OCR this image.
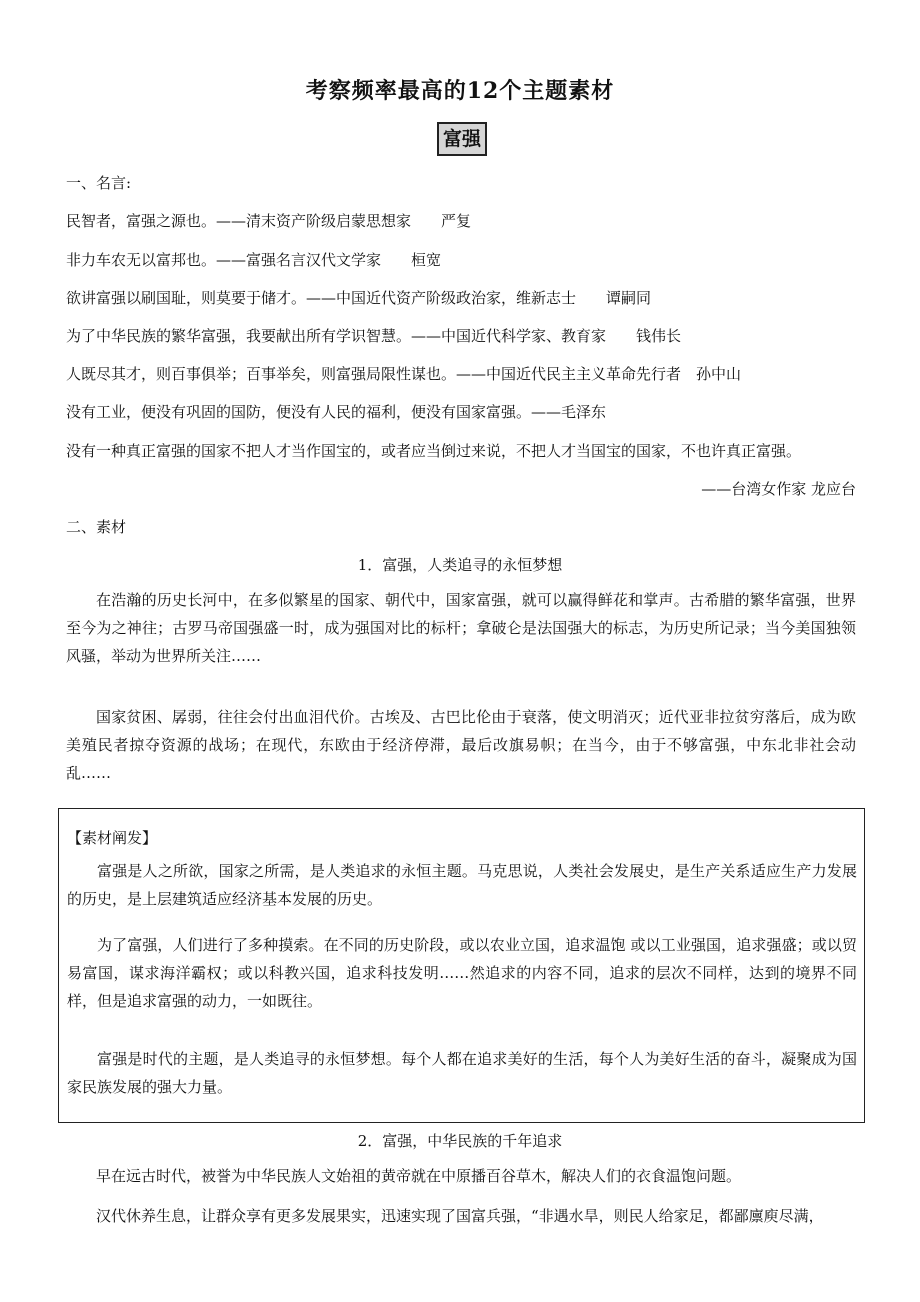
考察频率最高的12个主题素材
富强
一、名言:
民智者，富强之源也。——清末资产阶级启蒙思想家　　严复
非力车农无以富邦也。——富强名言汉代文学家　　桓宽
欲讲富强以刷国耻，则莫要于储才。——中国近代资产阶级政治家，维新志士　　谭嗣同
为了中华民族的繁华富强，我要献出所有学识智慧。——中国近代科学家、教育家　　钱伟长
人既尽其才，则百事俱举；百事举矣，则富强局限性谋也。——中国近代民主主义革命先行者　孙中山
没有工业，便没有巩固的国防，便没有人民的福利，便没有国家富强。——毛泽东
没有一种真正富强的国家不把人才当作国宝的，或者应当倒过来说，不把人才当国宝的国家，不也许真正富强。
——台湾女作家 龙应台
二、素材
1．富强，人类追寻的永恒梦想
在浩瀚的历史长河中，在多似繁星的国家、朝代中，国家富强，就可以赢得鲜花和掌声。古希腊的繁华富强，世界至今为之神往；古罗马帝国强盛一时，成为强国对比的标杆；拿破仑是法国强大的标志，为历史所记录；当今美国独领风骚，举动为世界所关注……
国家贫困、孱弱，往往会付出血泪代价。古埃及、古巴比伦由于衰落，使文明消灭；近代亚非拉贫穷落后，成为欧美殖民者掠夺资源的战场；在现代，东欧由于经济停滞，最后改旗易帜；在当今，由于不够富强，中东北非社会动乱……
【素材阐发】
富强是人之所欲，国家之所需，是人类追求的永恒主题。马克思说，人类社会发展史，是生产关系适应生产力发展的历史，是上层建筑适应经济基本发展的历史。
为了富强，人们进行了多种摸索。在不同的历史阶段，或以农业立国，追求温饱 或以工业强国，追求强盛；或以贸易富国，谋求海洋霸权；或以科教兴国，追求科技发明……然追求的内容不同，追求的层次不同样，达到的境界不同样，但是追求富强的动力，一如既往。
富强是时代的主题，是人类追寻的永恒梦想。每个人都在追求美好的生活，每个人为美好生活的奋斗，凝聚成为国家民族发展的强大力量。
2．富强，中华民族的千年追求
早在远古时代，被誉为中华民族人文始祖的黄帝就在中原播百谷草木，解决人们的衣食温饱问题。
汉代休养生息，让群众享有更多发展果实，迅速实现了国富兵强，“非遇水旱，则民人给家足，都鄙廪庾尽满，
